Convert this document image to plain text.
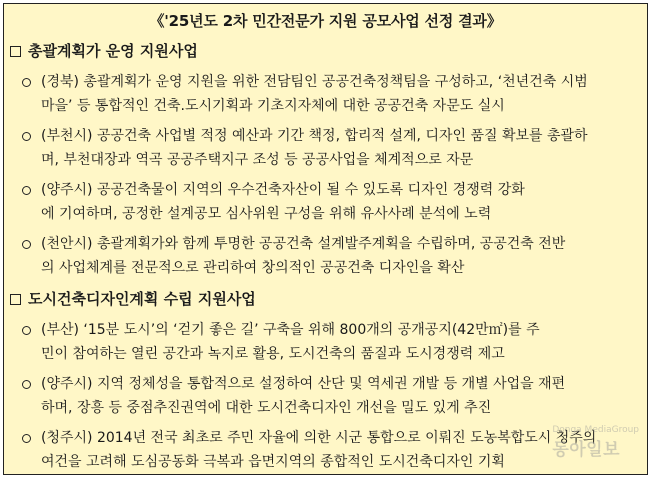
《'25년도 2차 민간전문가 지원 공모사업 선정 결과》
총괄계획가 운영 지원사업
(경북) 총괄계획가 운영 지원을 위한 전담팀인 공공건축정책팀을 구성하고, ‘천년건축 시범
마을’ 등 통합적인 건축.도시기획과 기초지자체에 대한 공공건축 자문도 실시
(부천시) 공공건축 사업별 적정 예산과 기간 책정, 합리적 설계, 디자인 품질 확보를 총괄하
며, 부천대장과 역곡 공공주택지구 조성 등 공공사업을 체계적으로 자문
(양주시) 공공건축물이 지역의 우수건축자산이 될 수 있도록 디자인 경쟁력 강화
에 기여하며, 공정한 설계공모 심사위원 구성을 위해 유사사례 분석에 노력
(천안시) 총괄계획가와 함께 투명한 공공건축 설계발주계획을 수립하며, 공공건축 전반
의 사업체계를 전문적으로 관리하여 창의적인 공공건축 디자인을 확산
도시건축디자인계획 수립 지원사업
(부산) ‘15분 도시’의 ‘걷기 좋은 길’ 구축을 위해 800개의 공개공지(42만㎡)를 주
민이 참여하는 열린 공간과 녹지로 활용, 도시건축의 품질과 도시경쟁력 제고
(양주시) 지역 정체성을 통합적으로 설정하여 산단 및 역세권 개발 등 개별 사업을 재편
하며, 장흥 등 중점추진권역에 대한 도시건축디자인 개선을 밀도 있게 추진
(청주시) 2014년 전국 최초로 주민 자율에 의한 시군 통합으로 이뤄진 도농복합도시 청주의
여건을 고려해 도심공동화 극복과 읍면지역의 종합적인 도시건축디자인 기획
Donga MediaGroup
동아일보
